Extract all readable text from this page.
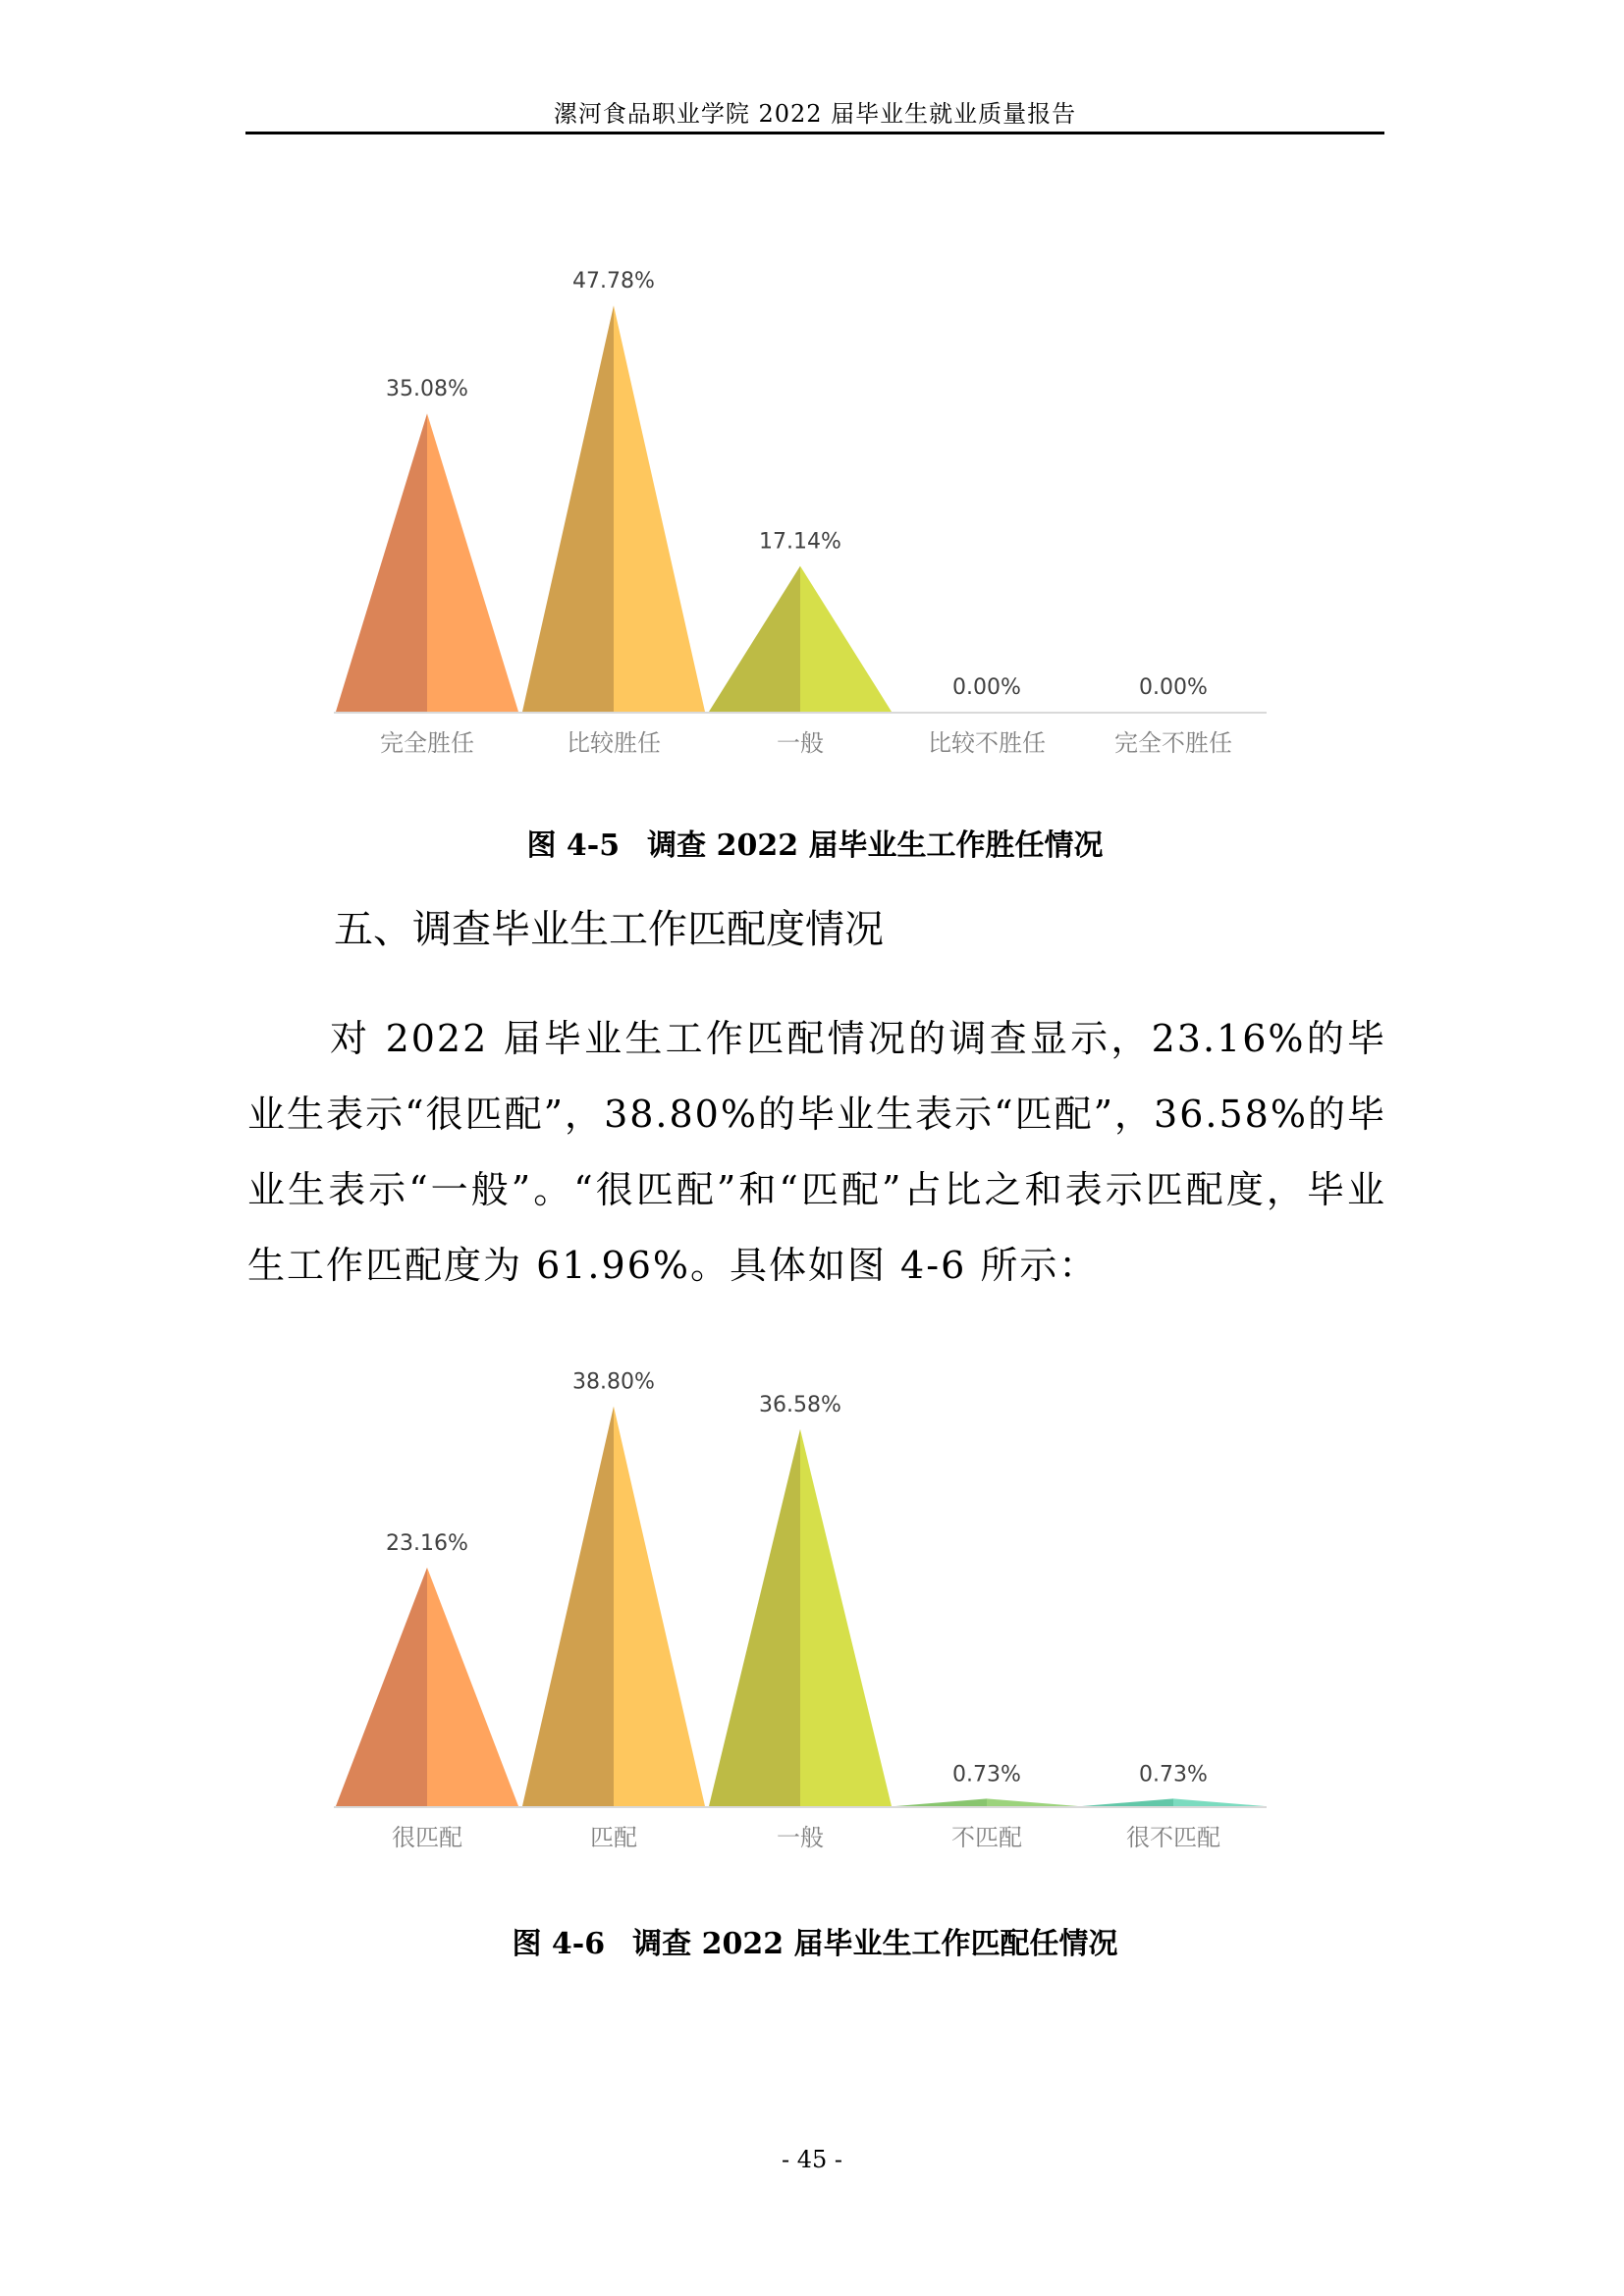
漯河食品职业学院 2022 届毕业生就业质量报告
35.08%
完全胜任
47.78%
比较胜任
17.14%
一般
0.00%
比较不胜任
0.00%
完全不胜任
图 4-5 调查 2022 届毕业生工作胜任情况
五、调查毕业生工作匹配度情况
对 2022 届毕业生工作匹配情况的调查显示，23.16%的毕业生表示“很匹配”，38.80%的毕业生表示“匹配”，36.58%的毕业生表示“一般”。“很匹配”和“匹配”占比之和表示匹配度，毕业生工作匹配度为 61.96%。具体如图 4-6 所示：
23.16%
很匹配
38.80%
匹配
36.58%
一般
0.73%
不匹配
0.73%
很不匹配
图 4-6 调查 2022 届毕业生工作匹配任情况
- 45 -
